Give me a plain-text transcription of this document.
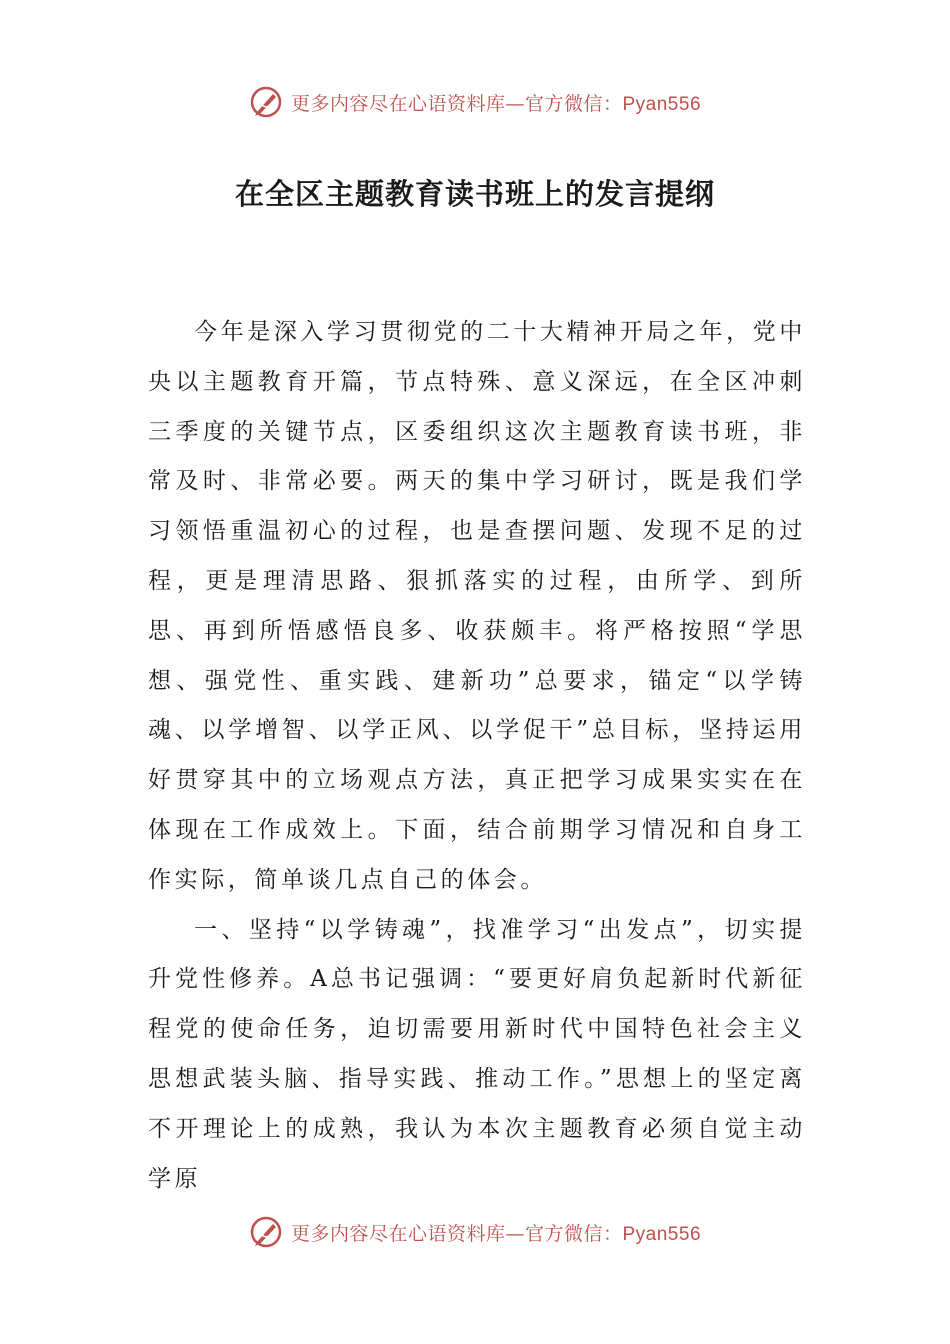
更多内容尽在心语资料库—官方微信：Pyan556
在全区主题教育读书班上的发言提纲

今年是深入学习贯彻党的二十大精神开局之年，党中央以主题教育开篇，节点特殊、意义深远，在全区冲刺三季度的关键节点，区委组织这次主题教育读书班，非常及时、非常必要。两天的集中学习研讨，既是我们学习领悟重温初心的过程，也是查摆问题、发现不足的过程，更是理清思路、狠抓落实的过程，由所学、到所思、再到所悟感悟良多、收获颇丰。将严格按照“学思想、强党性、重实践、建新功”总要求，锚定“以学铸魂、以学增智、以学正风、以学促干”总目标，坚持运用好贯穿其中的立场观点方法，真正把学习成果实实在在体现在工作成效上。下面，结合前期学习情况和自身工作实际，简单谈几点自己的体会。

一、坚持“以学铸魂”，找准学习“出发点”，切实提升党性修养。A总书记强调：“要更好肩负起新时代新征程党的使命任务，迫切需要用新时代中国特色社会主义思想武装头脑、指导实践、推动工作。”思想上的坚定离不开理论上的成熟，我认为本次主题教育必须自觉主动学原

更多内容尽在心语资料库—官方微信：Pyan556
